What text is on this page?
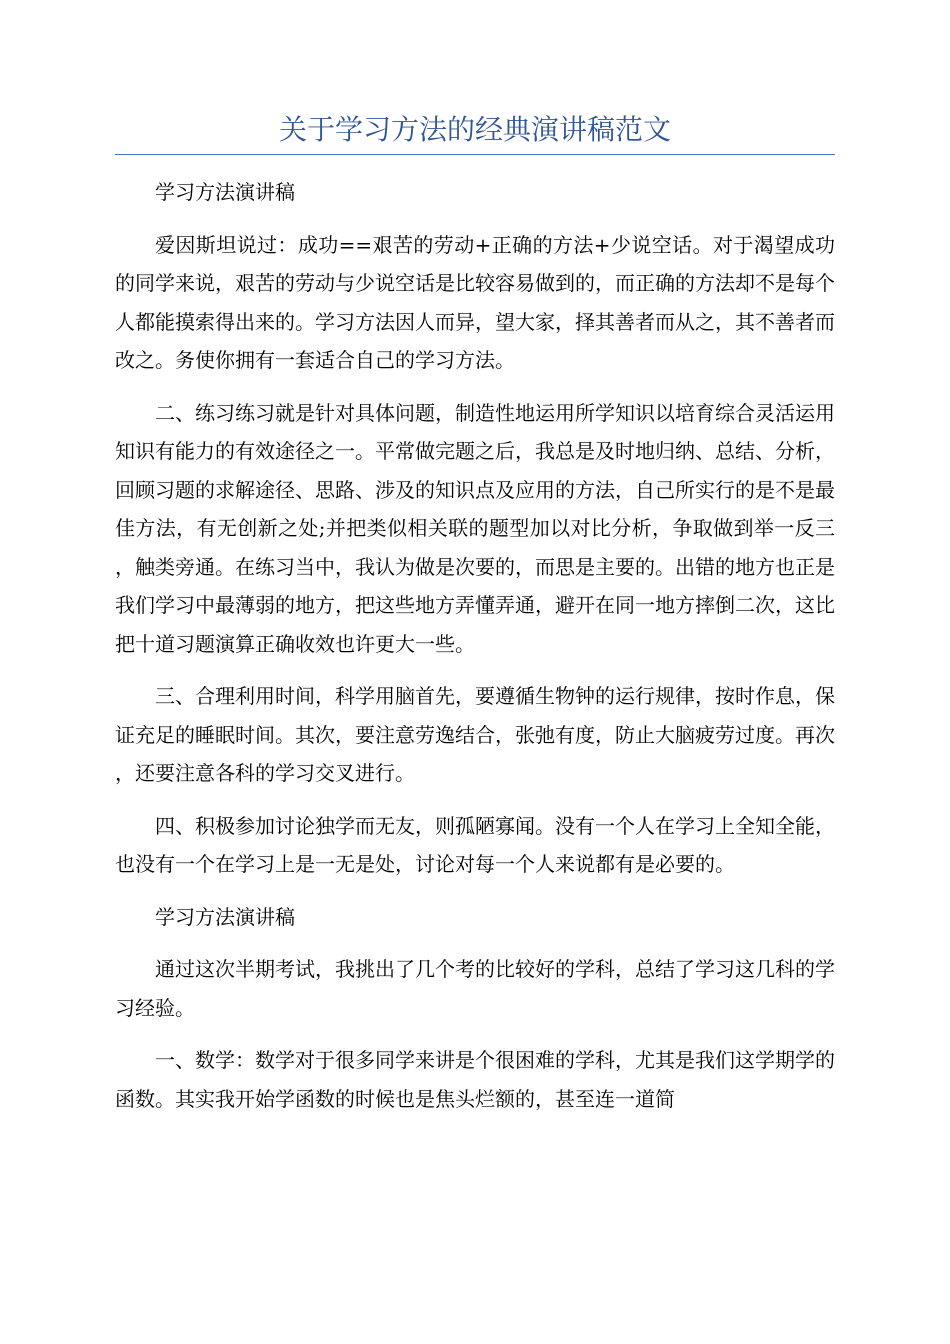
关于学习方法的经典演讲稿范文

学习方法演讲稿

爱因斯坦说过：成功==艰苦的劳动+正确的方法+少说空话。对于渴望成功的同学来说，艰苦的劳动与少说空话是比较容易做到的，而正确的方法却不是每个人都能摸索得出来的。学习方法因人而异，望大家，择其善者而从之，其不善者而改之。务使你拥有一套适合自己的学习方法。

二、练习练习就是针对具体问题，制造性地运用所学知识以培育综合灵活运用知识有能力的有效途径之一。平常做完题之后，我总是及时地归纳、总结、分析，回顾习题的求解途径、思路、涉及的知识点及应用的方法，自己所实行的是不是最佳方法，有无创新之处;并把类似相关联的题型加以对比分析，争取做到举一反三，触类旁通。在练习当中，我认为做是次要的，而思是主要的。出错的地方也正是我们学习中最薄弱的地方，把这些地方弄懂弄通，避开在同一地方摔倒二次，这比把十道习题演算正确收效也许更大一些。

三、合理利用时间，科学用脑首先，要遵循生物钟的运行规律，按时作息，保证充足的睡眠时间。其次，要注意劳逸结合，张弛有度，防止大脑疲劳过度。再次，还要注意各科的学习交叉进行。

四、积极参加讨论独学而无友，则孤陋寡闻。没有一个人在学习上全知全能，也没有一个在学习上是一无是处，讨论对每一个人来说都有是必要的。

学习方法演讲稿

通过这次半期考试，我挑出了几个考的比较好的学科，总结了学习这几科的学习经验。

一、数学：数学对于很多同学来讲是个很困难的学科，尤其是我们这学期学的函数。其实我开始学函数的时候也是焦头烂额的，甚至连一道简
